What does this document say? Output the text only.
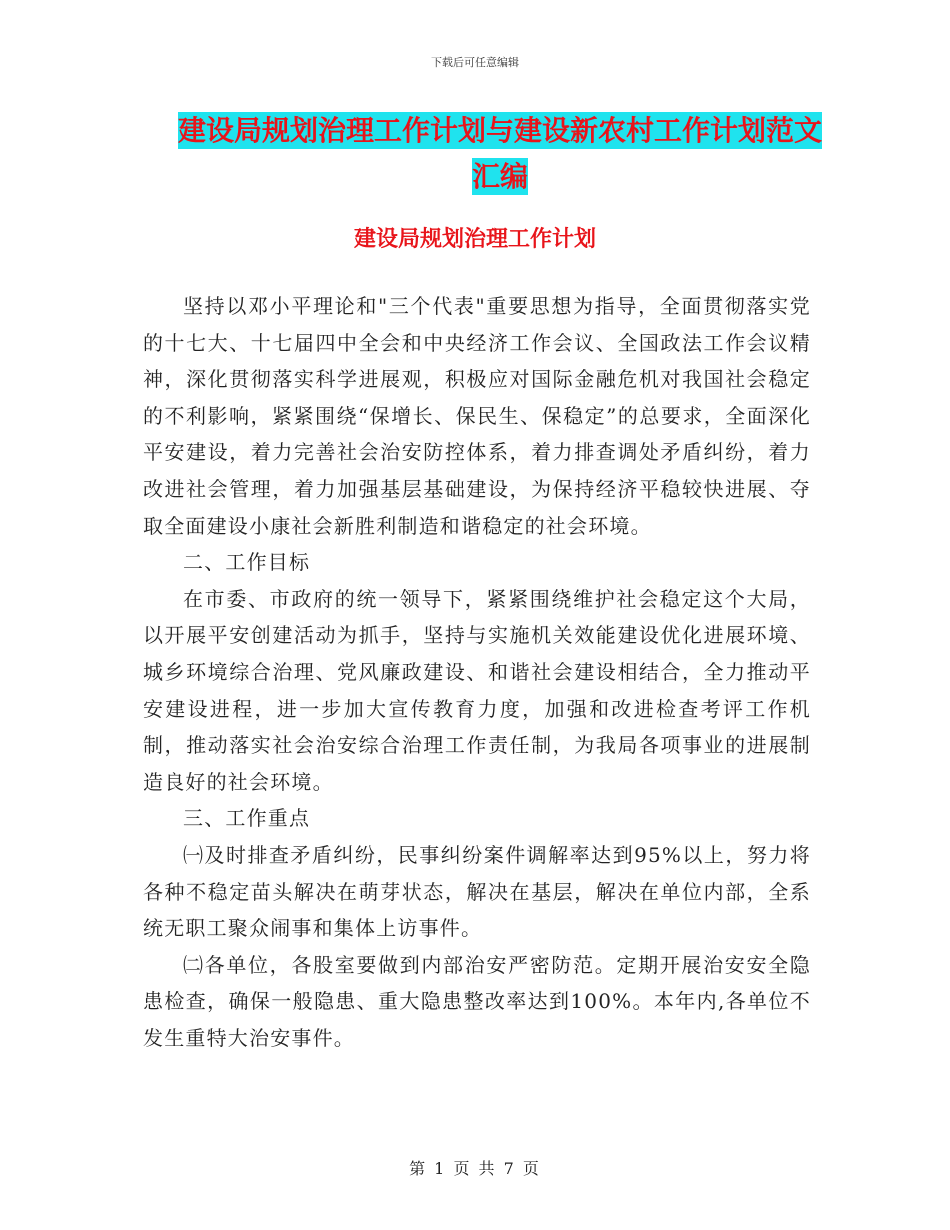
下载后可任意编辑
建设局规划治理工作计划与建设新农村工作计划范文
汇编
建设局规划治理工作计划

坚持以邓小平理论和"三个代表"重要思想为指导，全面贯彻落实党的十七大、十七届四中全会和中央经济工作会议、全国政法工作会议精神，深化贯彻落实科学进展观，积极应对国际金融危机对我国社会稳定的不利影响，紧紧围绕“保增长、保民生、保稳定”的总要求，全面深化平安建设，着力完善社会治安防控体系，着力排查调处矛盾纠纷，着力改进社会管理，着力加强基层基础建设，为保持经济平稳较快进展、夺取全面建设小康社会新胜利制造和谐稳定的社会环境。

二、工作目标

在市委、市政府的统一领导下，紧紧围绕维护社会稳定这个大局，以开展平安创建活动为抓手，坚持与实施机关效能建设优化进展环境、城乡环境综合治理、党风廉政建设、和谐社会建设相结合，全力推动平安建设进程，进一步加大宣传教育力度，加强和改进检查考评工作机制，推动落实社会治安综合治理工作责任制，为我局各项事业的进展制造良好的社会环境。

三、工作重点

㈠及时排查矛盾纠纷，民事纠纷案件调解率达到95%以上，努力将各种不稳定苗头解决在萌芽状态，解决在基层，解决在单位内部，全系统无职工聚众闹事和集体上访事件。

㈡各单位，各股室要做到内部治安严密防范。定期开展治安安全隐患检查，确保一般隐患、重大隐患整改率达到100%。本年内,各单位不发生重特大治安事件。

第 1 页 共 7 页
